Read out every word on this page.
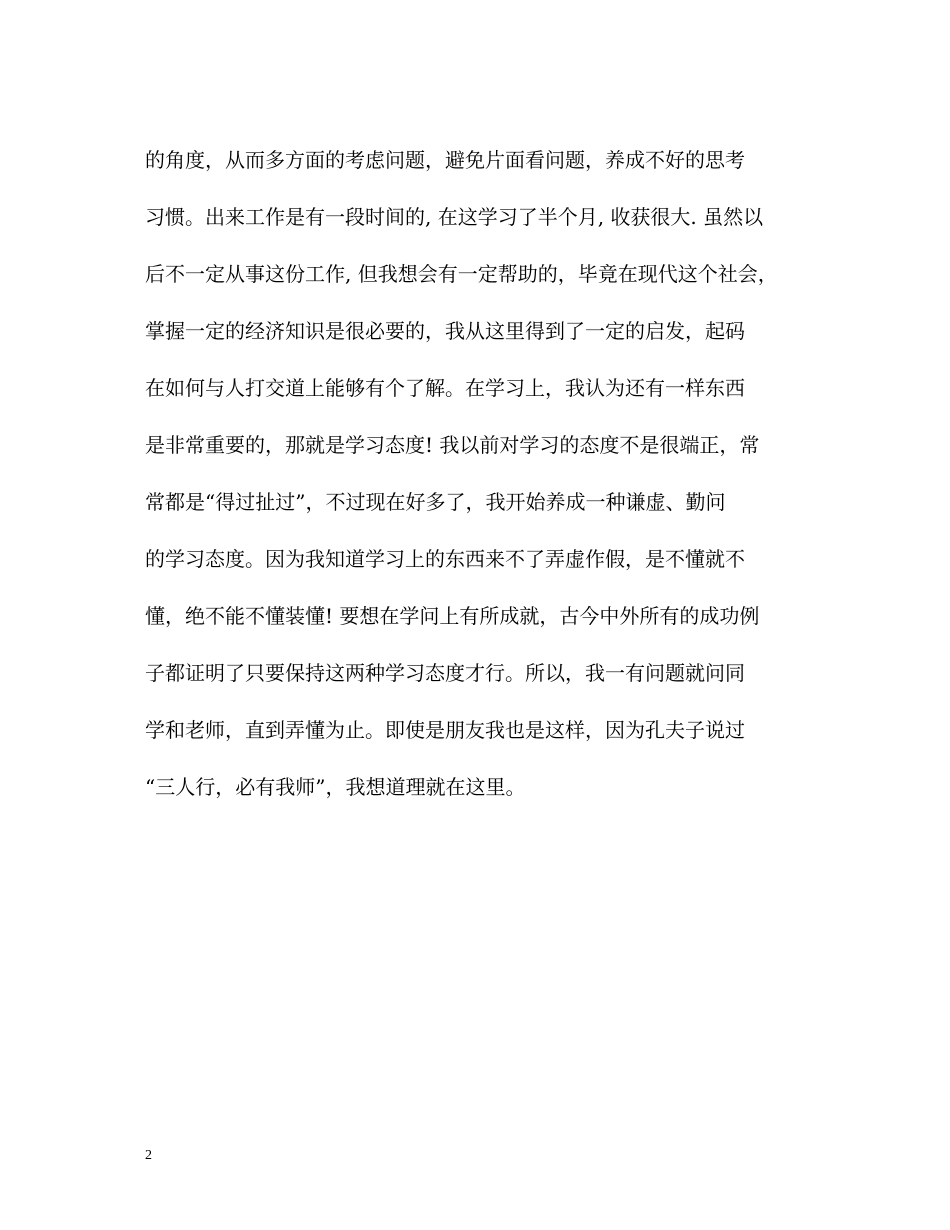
的角度，从而多方面的考虑问题，避免片面看问题，养成不好的思考
习惯。出来工作是有一段时间的, 在这学习了半个月, 收获很大. 虽然以
后不一定从事这份工作, 但我想会有一定帮助的，毕竟在现代这个社会，
掌握一定的经济知识是很必要的，我从这里得到了一定的启发，起码
在如何与人打交道上能够有个了解。在学习上，我认为还有一样东西
是非常重要的，那就是学习态度! 我以前对学习的态度不是很端正，常
常都是“得过扯过”，不过现在好多了，我开始养成一种谦虚、勤问
的学习态度。因为我知道学习上的东西来不了弄虚作假，是不懂就不
懂，绝不能不懂装懂! 要想在学问上有所成就，古今中外所有的成功例
子都证明了只要保持这两种学习态度才行。所以，我一有问题就问同
学和老师，直到弄懂为止。即使是朋友我也是这样，因为孔夫子说过
“三人行，必有我师”，我想道理就在这里。
2
